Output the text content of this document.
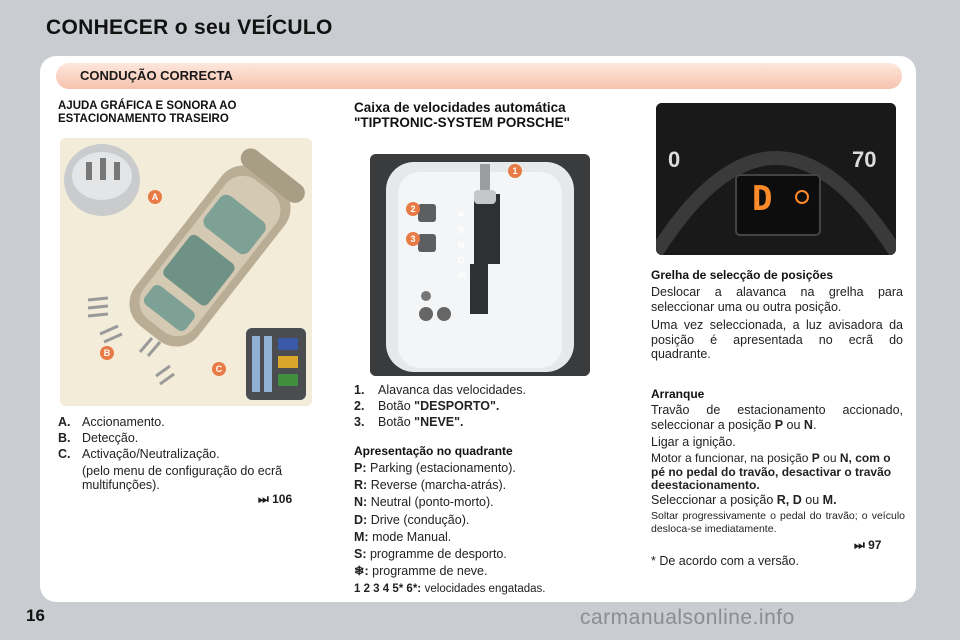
CONHECER o seu VEÍCULO
CONDUÇÃO CORRECTA
AJUDA GRÁFICA E SONORA AO ESTACIONAMENTO TRASEIRO
A
B
C
A. Accionamento.
B. Detecção.
C. Activação/Neutralização.
(pelo menu de configuração do ecrã multifunções).
⏭ 106
Caixa de velocidades automática "TIPTRONIC-SYSTEM PORSCHE"
1
2
3
P
R
N
D
M
1. Alavanca das velocidades.
2. Botão "DESPORTO".
3. Botão "NEVE".
Apresentação no quadrante
P: Parking (estacionamento).
R: Reverse (marcha-atrás).
N: Neutral (ponto-morto).
D: Drive (condução).
M: mode Manual.
S: programme de desporto.
❄: programme de neve.
1 2 3 4 5* 6*: velocidades engatadas.
0	70
D
Grelha de selecção de posições
Deslocar a alavanca na grelha para seleccionar uma ou outra posição.
Uma vez seleccionada, a luz avisadora da posição é apresentada no ecrã do quadrante.
Arranque
Travão de estacionamento accionado, seleccionar a posição P ou N.
Ligar a ignição.
Motor a funcionar, na posição P ou N, com o pé no pedal do travão, desactivar o travão deestacionamento.
Seleccionar a posição R, D ou M.
Soltar progressivamente o pedal do travão; o veículo desloca-se imediatamente.
⏭ 97
* De acordo com a versão.
16	carmanualsonline.info
